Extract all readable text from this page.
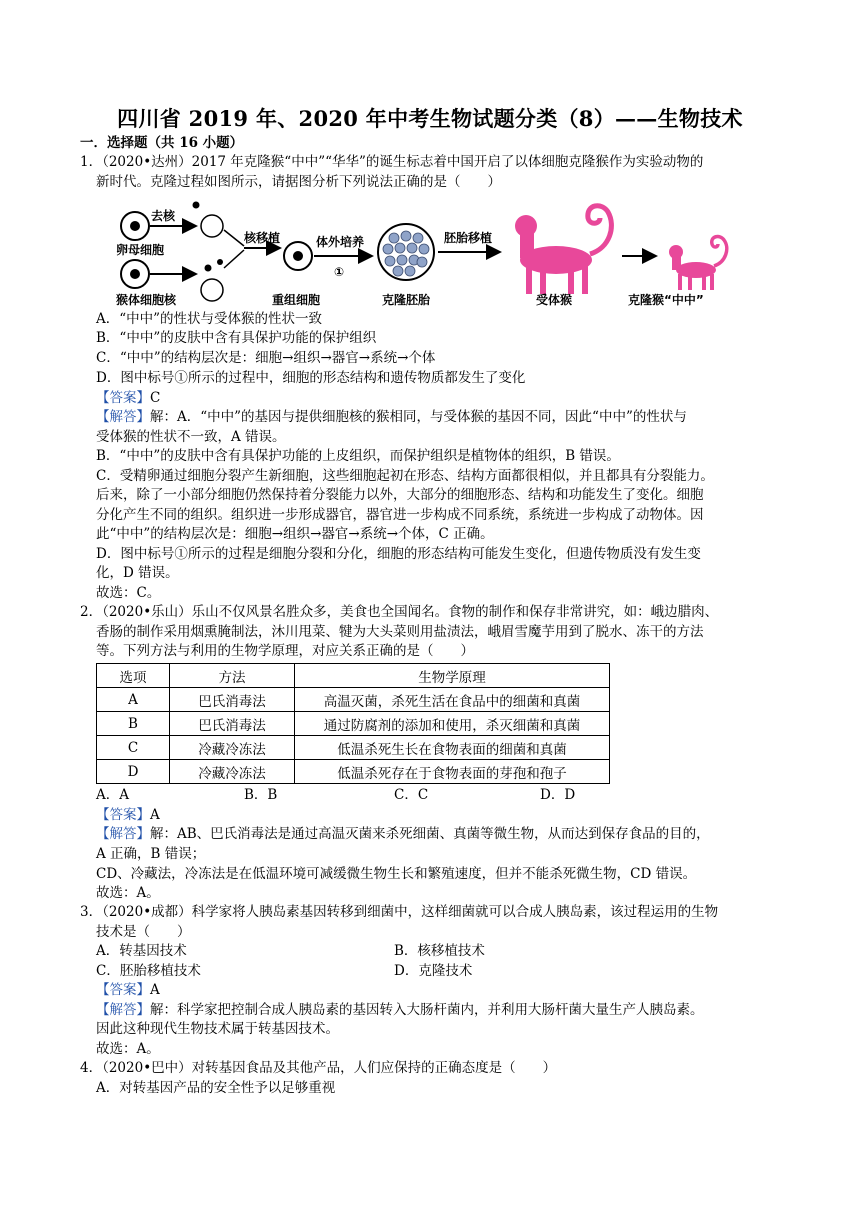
四川省 2019 年、2020 年中考生物试题分类（8）——生物技术
一．选择题（共 16 小题）
1．（2020•达州）2017 年克隆猴“中中”“华华”的诞生标志着中国开启了以体细胞克隆猴作为实验动物的
新时代。克隆过程如图所示，请据图分析下列说法正确的是（　　）
去核
卵母细胞
猴体细胞核
核移植
重组细胞
体外培养
①
克隆胚胎
胚胎移植
受体猴	克隆猴“中中”
A．“中中”的性状与受体猴的性状一致
B．“中中”的皮肤中含有具保护功能的保护组织
C．“中中”的结构层次是：细胞→组织→器官→系统→个体
D．图中标号①所示的过程中，细胞的形态结构和遗传物质都发生了变化
【答案】C
【解答】解：A．“中中”的基因与提供细胞核的猴相同，与受体猴的基因不同，因此“中中”的性状与
受体猴的性状不一致，A 错误。
B．“中中”的皮肤中含有具保护功能的上皮组织，而保护组织是植物体的组织，B 错误。
C．受精卵通过细胞分裂产生新细胞，这些细胞起初在形态、结构方面都很相似，并且都具有分裂能力。
后来，除了一小部分细胞仍然保持着分裂能力以外，大部分的细胞形态、结构和功能发生了变化。细胞
分化产生不同的组织。组织进一步形成器官，器官进一步构成不同系统，系统进一步构成了动物体。因
此“中中”的结构层次是：细胞→组织→器官→系统→个体，C 正确。
D．图中标号①所示的过程是细胞分裂和分化，细胞的形态结构可能发生变化，但遗传物质没有发生变
化，D 错误。
故选：C。
2．（2020•乐山）乐山不仅风景名胜众多，美食也全国闻名。食物的制作和保存非常讲究，如：峨边腊肉、
香肠的制作采用烟熏腌制法，沐川甩菜、犍为大头菜则用盐渍法，峨眉雪魔芋用到了脱水、冻干的方法
等。下列方法与利用的生物学原理，对应关系正确的是（　　）
选项	方法	生物学原理
A	巴氏消毒法	高温灭菌，杀死生活在食品中的细菌和真菌
B	巴氏消毒法	通过防腐剂的添加和使用，杀灭细菌和真菌
C	冷藏冷冻法	低温杀死生长在食物表面的细菌和真菌
D	冷藏冷冻法	低温杀死存在于食物表面的芽孢和孢子
A．A	B．B	C．C	D．D
【答案】A
【解答】解：AB、巴氏消毒法是通过高温灭菌来杀死细菌、真菌等微生物，从而达到保存食品的目的，
A 正确，B 错误；
CD、冷藏法，冷冻法是在低温环境可减缓微生物生长和繁殖速度，但并不能杀死微生物，CD 错误。
故选：A。
3．（2020•成都）科学家将人胰岛素基因转移到细菌中，这样细菌就可以合成人胰岛素，该过程运用的生物
技术是（　　）
A．转基因技术	B．核移植技术
C．胚胎移植技术	D．克隆技术
【答案】A
【解答】解：科学家把控制合成人胰岛素的基因转入大肠杆菌内，并利用大肠杆菌大量生产人胰岛素。
因此这种现代生物技术属于转基因技术。
故选：A。
4．（2020•巴中）对转基因食品及其他产品，人们应保持的正确态度是（　　）
A．对转基因产品的安全性予以足够重视
